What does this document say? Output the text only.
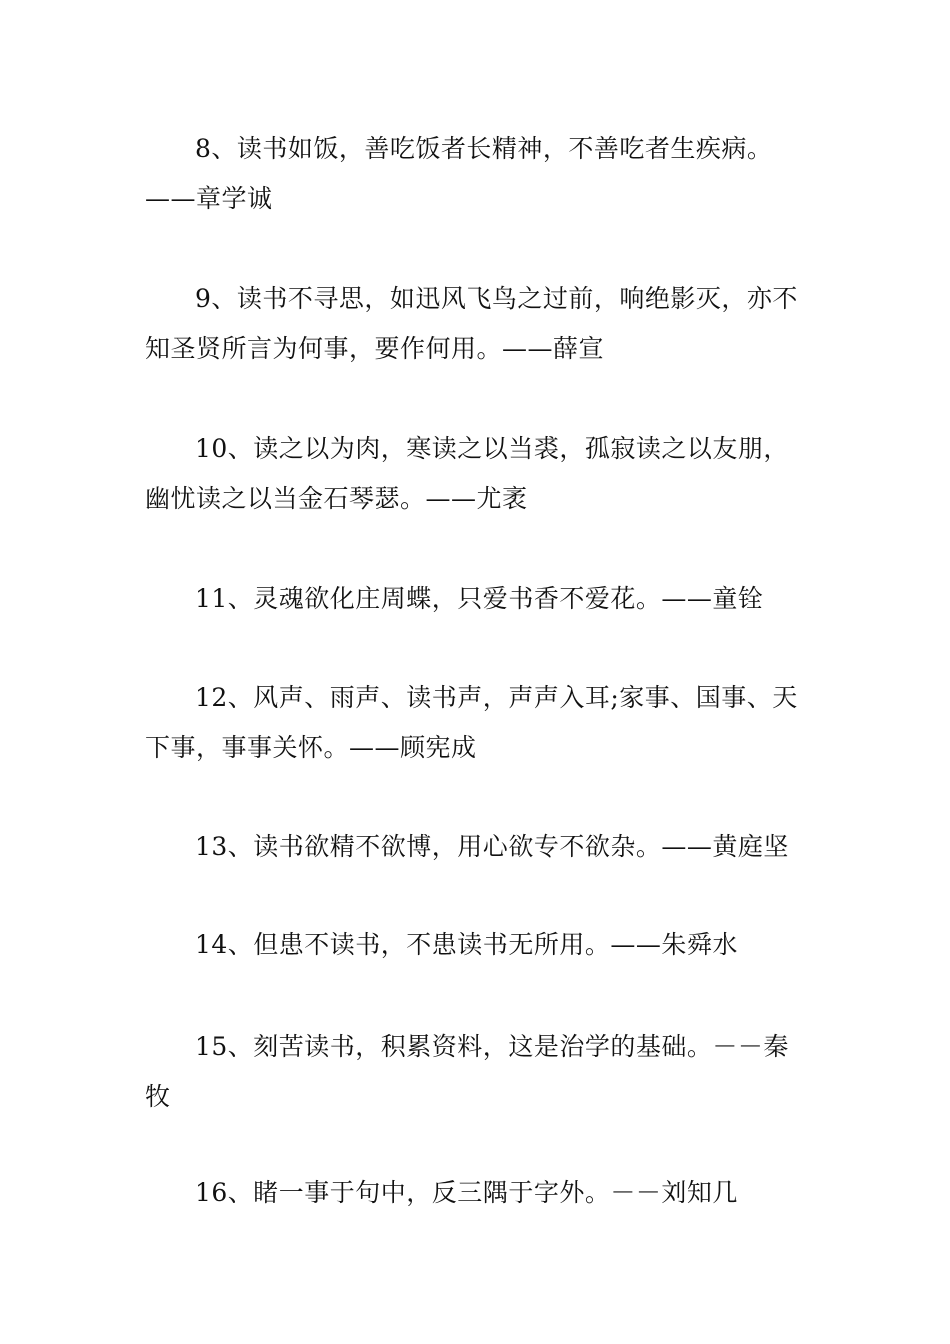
8、读书如饭，善吃饭者长精神，不善吃者生疾病。——章学诚

9、读书不寻思，如迅风飞鸟之过前，响绝影灭，亦不知圣贤所言为何事，要作何用。——薛宣

10、读之以为肉，寒读之以当裘，孤寂读之以友朋，幽忧读之以当金石琴瑟。——尤袤

11、灵魂欲化庄周蝶，只爱书香不爱花。——童铨

12、风声、雨声、读书声，声声入耳;家事、国事、天下事，事事关怀。——顾宪成

13、读书欲精不欲博，用心欲专不欲杂。——黄庭坚

14、但患不读书，不患读书无所用。——朱舜水

15、刻苦读书，积累资料，这是治学的基础。－－秦牧

16、睹一事于句中，反三隅于字外。－－刘知几
